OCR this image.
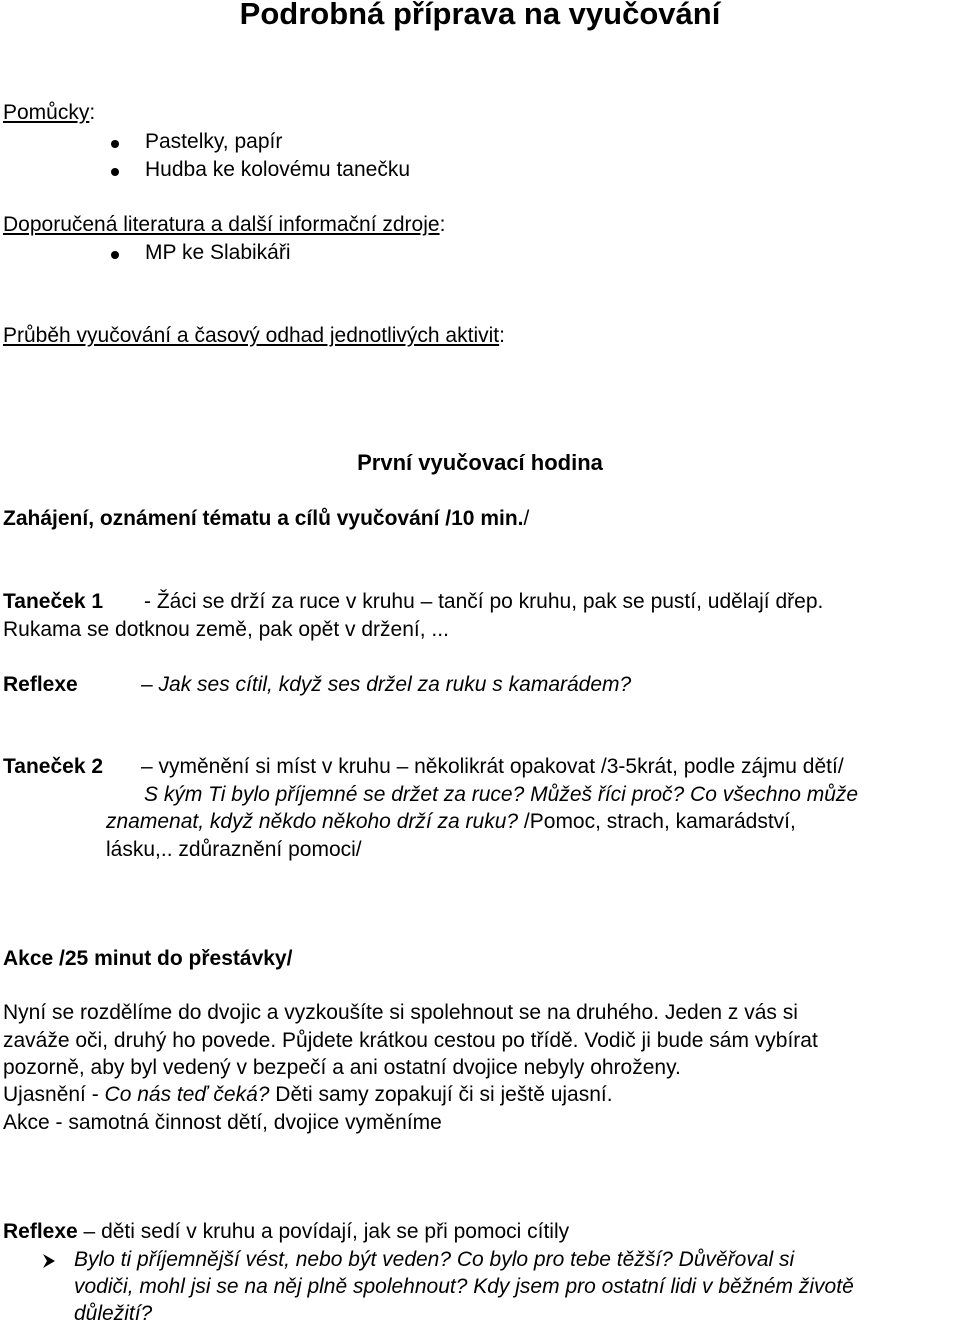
Podrobná příprava na vyučování
Pomůcky:
Pastelky, papír
Hudba ke kolovému tanečku
Doporučená literatura a další informační zdroje:
MP ke Slabikáři
Průběh vyučování a časový odhad jednotlivých aktivit:
První vyučovací hodina
Zahájení, oznámení tématu a cílů vyučování /10 min./
Taneček 1 - Žáci se drží za ruce v kruhu – tančí po kruhu, pak se pustí, udělají dřep.
Rukama se dotknou země, pak opět v držení, ...
Reflexe	– Jak ses cítil, když ses držel za ruku s kamarádem?
Taneček 2 – vyměnění si míst v kruhu – několikrát opakovat /3-5krát, podle zájmu dětí/
S kým Ti bylo příjemné se držet za ruce? Můžeš říci proč? Co všechno může
znamenat, když někdo někoho drží za ruku? /Pomoc, strach, kamarádství,
lásku,.. zdůraznění pomoci/
Akce /25 minut do přestávky/
Nyní se rozdělíme do dvojic a vyzkoušíte si spolehnout se na druhého. Jeden z vás si
zaváže oči, druhý ho povede. Půjdete krátkou cestou po třídě. Vodič ji bude sám vybírat
pozorně, aby byl vedený v bezpečí a ani ostatní dvojice nebyly ohroženy.
Ujasnění - Co nás teď čeká? Děti samy zopakují či si ještě ujasní.
Akce - samotná činnost dětí, dvojice vyměníme
Reflexe – děti sedí v kruhu a povídají, jak se při pomoci cítily
Bylo ti příjemnější vést, nebo být veden? Co bylo pro tebe těžší? Důvěřoval si
vodiči, mohl jsi se na něj plně spolehnout? Kdy jsem pro ostatní lidi v běžném životě
důležití?
